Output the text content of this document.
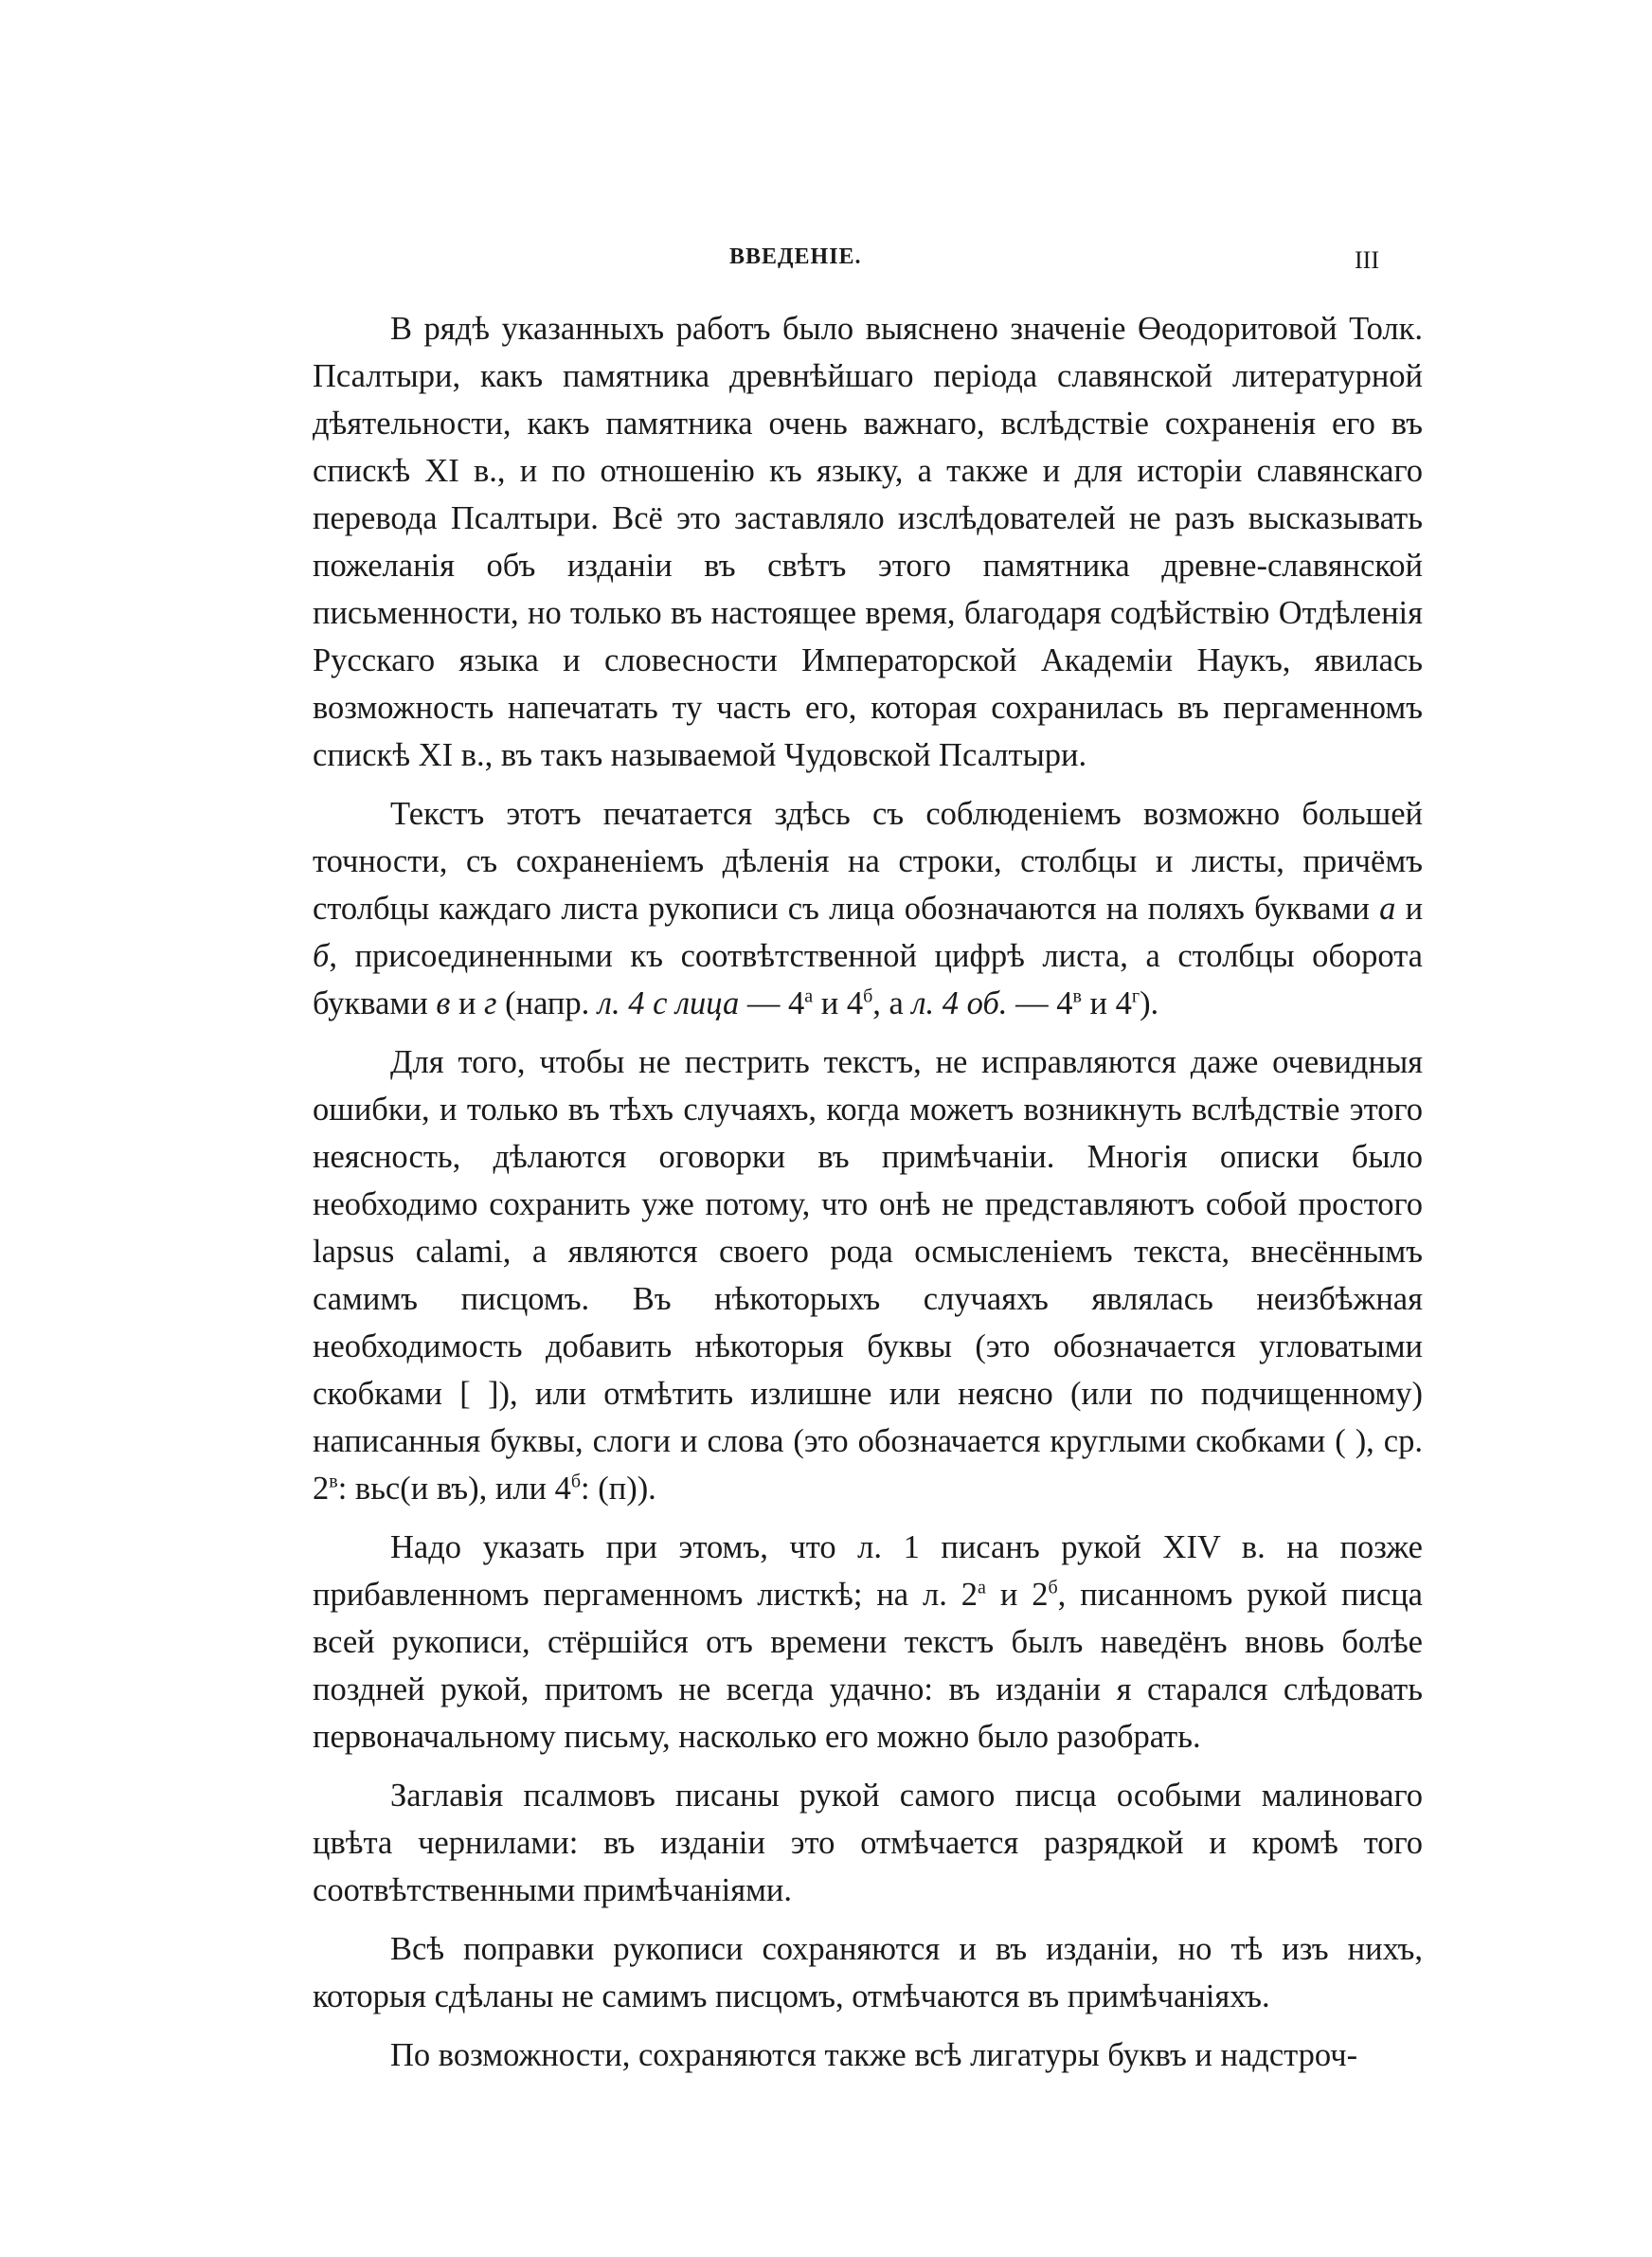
ВВЕДЕНIЕ.	III

В рядѣ указанныхъ работъ было выяснено значенiе Өеодоритовой Толк. Псалтыри, какъ памятника древнѣйшаго перiода славянской литературной дѣятельности, какъ памятника очень важнаго, вслѣдствiе сохраненiя его въ спискѣ XI в., и по отношенiю къ языку, а также и для исторiи славянскаго перевода Псалтыри. Всё это заставляло изслѣдователей не разъ высказывать пожеланiя объ изданiи въ свѣтъ этого памятника древне-славянской письменности, но только въ настоящее время, благодаря содѣйствiю Отдѣленiя Русскаго языка и словесности Императорской Академiи Наукъ, явилась возможность напечатать ту часть его, которая сохранилась въ пергаменномъ спискѣ XI в., въ такъ называемой Чудовской Псалтыри.

Текстъ этотъ печатается здѣсь съ соблюденiемъ возможно большей точности, съ сохраненiемъ дѣленiя на строки, столбцы и листы, причёмъ столбцы каждаго листа рукописи съ лица обозначаются на поляхъ буквами а и б, присоединенными къ соотвѣтственной цифрѣ листа, а столбцы оборота буквами в и г (напр. л. 4 с лица — $4^а$ и $4^б$, а л. 4 об. — $4^в$ и $4^г$).

Для того, чтобы не пестрить текстъ, не исправляются даже очевидныя ошибки, и только въ тѣхъ случаяхъ, когда можетъ возникнуть вслѣдствiе этого неясность, дѣлаются оговорки въ примѣчанiи. Многiя описки было необходимо сохранить уже потому, что онѣ не представляютъ собой простого lapsus calami, а являются своего рода осмысленiемъ текста, внесённымъ самимъ писцомъ. Въ нѣкоторыхъ случаяхъ являлась неизбѣжная необходимость добавить нѣкоторыя буквы (это обозначается угловатыми скобками [ ]), или отмѣтить излишне или неясно (или по подчищенному) написанныя буквы, слоги и слова (это обозначается круглыми скобками ( ), ср. $2^в$: вьс(и въ), или $4^б$: (п)).

Надо указать при этомъ, что л. 1 писанъ рукой XIV в. на позже прибавленномъ пергаменномъ листкѣ; на л. $2^а$ и $2^б$, писанномъ рукой писца всей рукописи, стёршiйся отъ времени текстъ былъ наведёнъ вновь болѣе поздней рукой, притомъ не всегда удачно: въ изданiи я старался слѣдовать первоначальному письму, насколько его можно было разобрать.

Заглавiя псалмовъ писаны рукой самого писца особыми малиноваго цвѣта чернилами: въ изданiи это отмѣчается разрядкой и кромѣ того соотвѣтственными примѣчанiями.

Всѣ поправки рукописи сохраняются и въ изданiи, но тѣ изъ нихъ, которыя сдѣланы не самимъ писцомъ, отмѣчаются въ примѣчанiяхъ.

По возможности, сохраняются также всѣ лигатуры буквъ и надстроч-
